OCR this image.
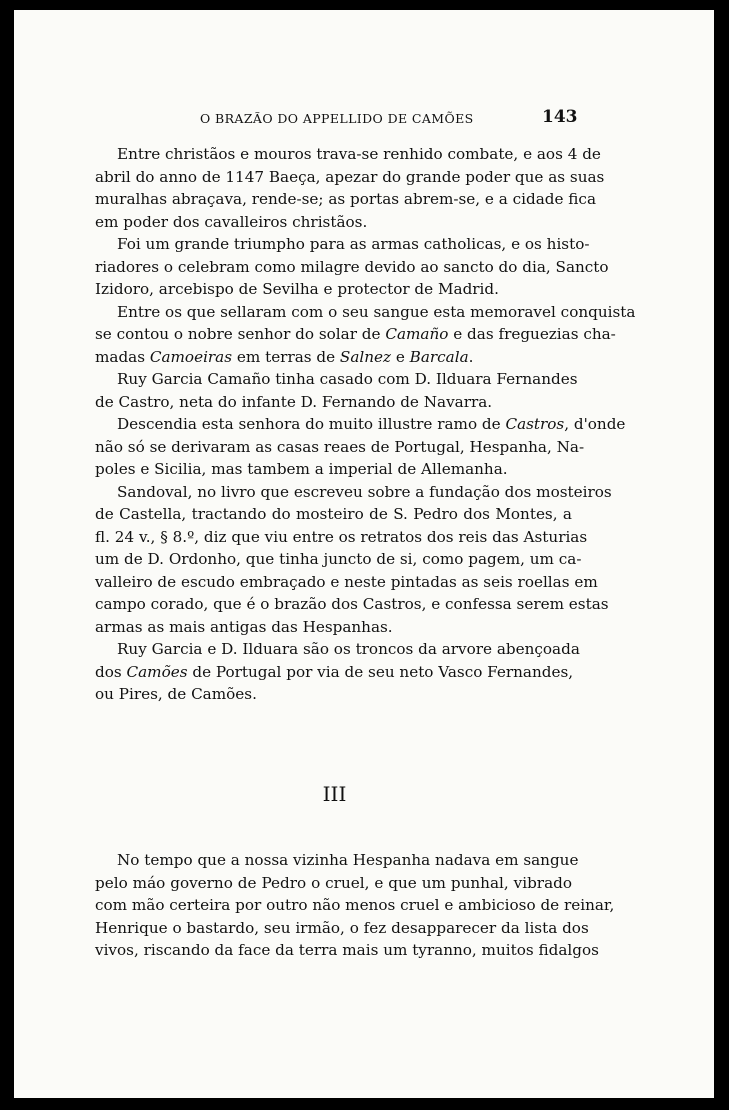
O BRAZÃO DO APPELLIDO DE CAMÕES	143
Entre christãos e mouros trava-se renhido combate, e aos 4 de
abril do anno de 1147 Baeça, apezar do grande poder que as suas
muralhas abraçava, rende-se; as portas abrem-se, e a cidade fica
em poder dos cavalleiros christãos.
Foi um grande triumpho para as armas catholicas, e os histo-
riadores o celebram como milagre devido ao sancto do dia, Sancto
Izidoro, arcebispo de Sevilha e protector de Madrid.
Entre os que sellaram com o seu sangue esta memoravel conquista
se contou o nobre senhor do solar de Camaño e das freguezias cha-
madas Camoeiras em terras de Salnez e Barcala.
Ruy Garcia Camaño tinha casado com D. Ilduara Fernandes
de Castro, neta do infante D. Fernando de Navarra.
Descendia esta senhora do muito illustre ramo de Castros, d'onde
não só se derivaram as casas reaes de Portugal, Hespanha, Na-
poles e Sicilia, mas tambem a imperial de Allemanha.
Sandoval, no livro que escreveu sobre a fundação dos mosteiros
de Castella, tractando do mosteiro de S. Pedro dos Montes, a
fl. 24 v., § 8.º, diz que viu entre os retratos dos reis das Asturias
um de D. Ordonho, que tinha juncto de si, como pagem, um ca-
valleiro de escudo embraçado e neste pintadas as seis roellas em
campo corado, que é o brazão dos Castros, e confessa serem estas
armas as mais antigas das Hespanhas.
Ruy Garcia e D. Ilduara são os troncos da arvore abençoada
dos Camões de Portugal por via de seu neto Vasco Fernandes,
ou Pires, de Camões.
III
No tempo que a nossa vizinha Hespanha nadava em sangue
pelo máo governo de Pedro o cruel, e que um punhal, vibrado
com mão certeira por outro não menos cruel e ambicioso de reinar,
Henrique o bastardo, seu irmão, o fez desapparecer da lista dos
vivos, riscando da face da terra mais um tyranno, muitos fidalgos
